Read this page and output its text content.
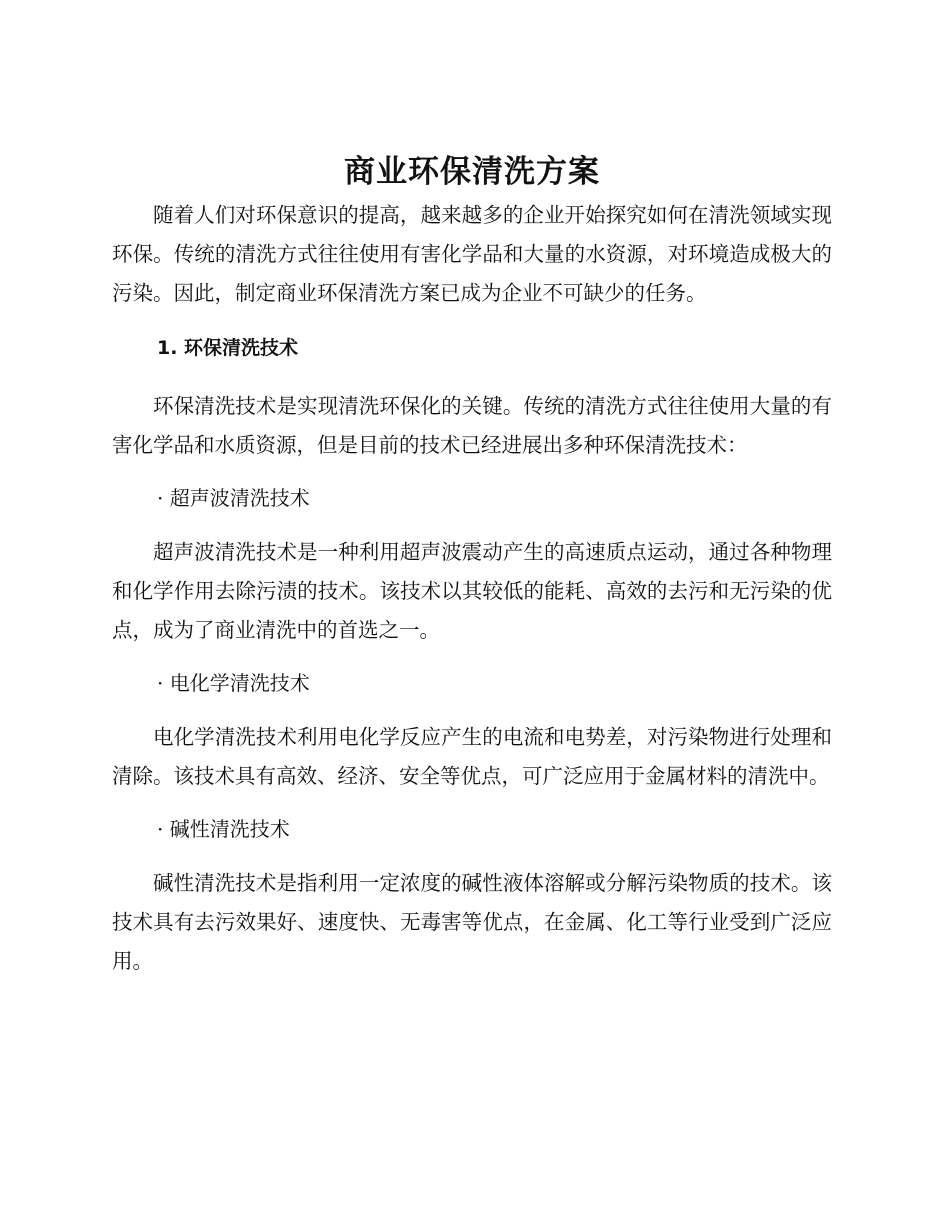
商业环保清洗方案

随着人们对环保意识的提高，越来越多的企业开始探究如何在清洗领域实现环保。传统的清洗方式往往使用有害化学品和大量的水资源，对环境造成极大的污染。因此，制定商业环保清洗方案已成为企业不可缺少的任务。

1. 环保清洗技术

环保清洗技术是实现清洗环保化的关键。传统的清洗方式往往使用大量的有害化学品和水质资源，但是目前的技术已经进展出多种环保清洗技术：

· 超声波清洗技术

超声波清洗技术是一种利用超声波震动产生的高速质点运动，通过各种物理和化学作用去除污渍的技术。该技术以其较低的能耗、高效的去污和无污染的优点，成为了商业清洗中的首选之一。

· 电化学清洗技术

电化学清洗技术利用电化学反应产生的电流和电势差，对污染物进行处理和清除。该技术具有高效、经济、安全等优点，可广泛应用于金属材料的清洗中。

· 碱性清洗技术

碱性清洗技术是指利用一定浓度的碱性液体溶解或分解污染物质的技术。该技术具有去污效果好、速度快、无毒害等优点，在金属、化工等行业受到广泛应用。
